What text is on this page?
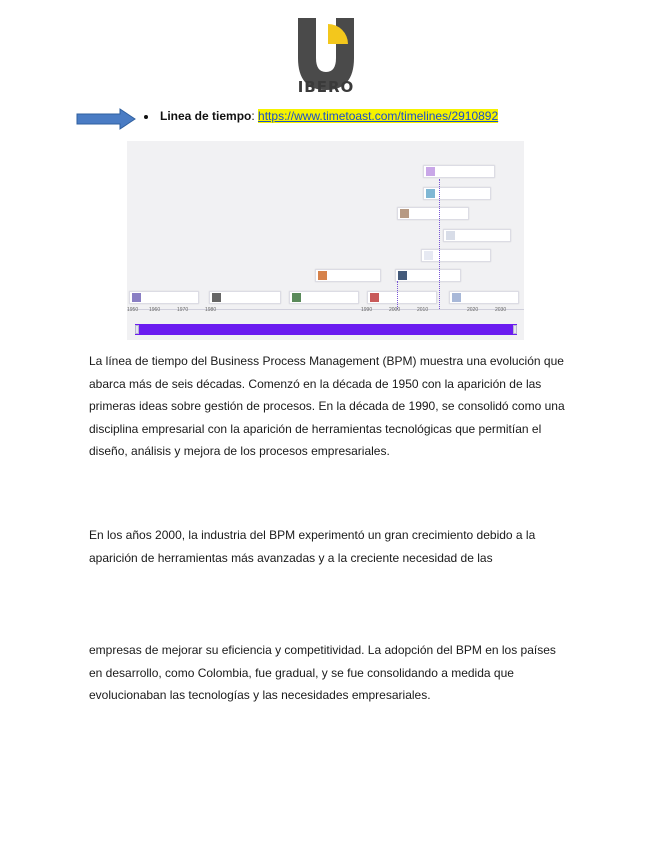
IBERO
Linea de tiempo: https://www.timetoast.com/timelines/2910892
1950 1960	1970	1980	1990	2000	2010	2020	2030

La línea de tiempo del Business Process Management (BPM) muestra una evolución que abarca más de seis décadas. Comenzó en la década de 1950 con la aparición de las primeras ideas sobre gestión de procesos. En la década de 1990, se consolidó como una disciplina empresarial con la aparición de herramientas tecnológicas que permitían el diseño, análisis y mejora de los procesos empresariales.

En los años 2000, la industria del BPM experimentó un gran crecimiento debido a la aparición de herramientas más avanzadas y a la creciente necesidad de las

empresas de mejorar su eficiencia y competitividad. La adopción del BPM en los países en desarrollo, como Colombia, fue gradual, y se fue consolidando a medida que evolucionaban las tecnologías y las necesidades empresariales.
